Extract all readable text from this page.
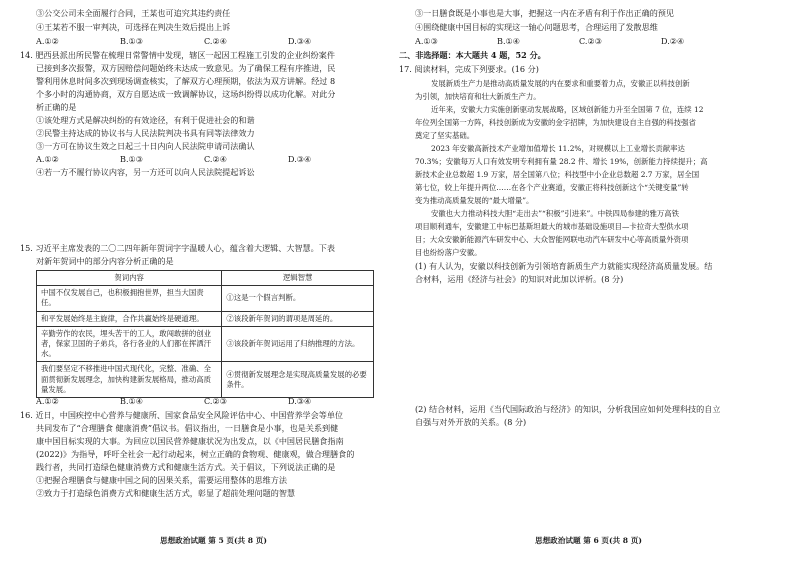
③公交公司未全面履行合同，王某也可追究其违约责任
④王某若不服一审判决，可选择在判决生效后提出上诉
A.①②	B.①③	C.②④	D.③④
14. 肥西县派出所民警在梳理日常警情中发现，辖区一起因工程施工引发的企业纠纷案件
已接到多次报警，双方因赔偿问题始终未达成一致意见。为了确保工程有序推进，民
警利用休息时间多次到现场调查核实，了解双方心理预期，依法为双方讲解。经过 8
个多小时的沟通协商，双方自愿达成一致调解协议，这场纠纷得以成功化解。对此分
析正确的是
①该处理方式是解决纠纷的有效途径，有利于促进社会的和谐
②民警主持达成的协议书与人民法院判决书具有同等法律效力
③一方可在协议生效之日起三十日内向人民法院申请司法确认
④若一方不履行协议内容，另一方还可以向人民法院提起诉讼
A.①②	B.①③	C.②④	D.③④
15. 习近平主席发表的二〇二四年新年贺词字字温暖人心，蕴含着大逻辑、大智慧。下表
对新年贺词中的部分内容分析正确的是
贺词内容	逻辑智慧
中国不仅发展自己，也积极拥抱世界，担当大国责任。	①这是一个假言判断。
和平发展始终是主旋律，合作共赢始终是硬道理。	②该段新年贺词的谓项是周延的。
辛勤劳作的农民，埋头苦干的工人，敢闯敢拼的创业者，保家卫国的子弟兵，各行各业的人们都在挥洒汗水。	③该段新年贺词运用了归纳推理的方法。
我们要坚定不移推进中国式现代化，完整、准确、全面贯彻新发展理念，加快构建新发展格局，推动高质量发展。	④贯彻新发展理念是实现高质量发展的必要条件。
A.①②	B.①④	C.②③	D.③④
16. 近日，中国疾控中心营养与健康所、国家食品安全风险评估中心、中国营养学会等单位
共同发布了“合理膳食 健康消费”倡议书。倡议指出，一日膳食是小事，也是关系到健
康中国目标实现的大事。为回应以国民营养健康状况为出发点，以《中国居民膳食指南
(2022)》为指导，呼吁全社会一起行动起来，树立正确的食物观、健康观，做合理膳食的
践行者，共同打造绿色健康消费方式和健康生活方式。关于倡议，下列说法正确的是
①把握合理膳食与健康中国之间的因果关系，需要运用整体的思维方法
②致力于打造绿色消费方式和健康生活方式，彰显了超前处理问题的智慧
思想政治试题 第 5 页(共 8 页)
③一日膳食既是小事也是大事，把握这一内在矛盾有利于作出正确的预见
④围绕健康中国目标的实现这一轴心问题思考，合理运用了发散思维
A.①③	B.①④	C.②③	D.②④
二、非选择题：本大题共 4 题，52 分。
17. 阅读材料，完成下列要求。(16 分)
发展新质生产力是推动高质量发展的内在要求和重要着力点，安徽正以科技创新
为引领，加快培育和壮大新质生产力。
近年来，安徽大力实施创新驱动发展战略，区域创新能力升至全国第 7 位，连续 12
年位列全国第一方阵，科技创新成为安徽的金字招牌，为加快建设自主自强的科技强省
奠定了坚实基础。
2023 年安徽高新技术产业增加值增长 11.2%，对规模以上工业增长贡献率达
70.3%；安徽每万人口有效发明专利拥有量 28.2 件、增长 19%，创新能力持续提升；高
新技术企业总数超 1.9 万家，居全国第八位；科技型中小企业总数超 2.7 万家，居全国
第七位，较上年提升两位……在各个产业赛道，安徽正将科技创新这个“关键变量”转
变为推动高质量发展的“最大增量”。
安徽也大力推动科技大胆“走出去”“积极”引进来”。中铁四局参建的雅万高铁
项目顺利通车，安徽建工中标巴基斯坦最大的城市基础设施项目—卡拉奇大型供水项
目；大众安徽新能源汽车研发中心、大众智能网联电动汽车研发中心等高质量外资项
目也纷纷落户安徽。
(1) 有人认为，安徽以科技创新为引领培育新质生产力就能实现经济高质量发展。结
合材料，运用《经济与社会》的知识对此加以评析。(8 分)
(2) 结合材料，运用《当代国际政治与经济》的知识，分析我国应如何处理科技的自立
自强与对外开放的关系。(8 分)
思想政治试题 第 6 页(共 8 页)
